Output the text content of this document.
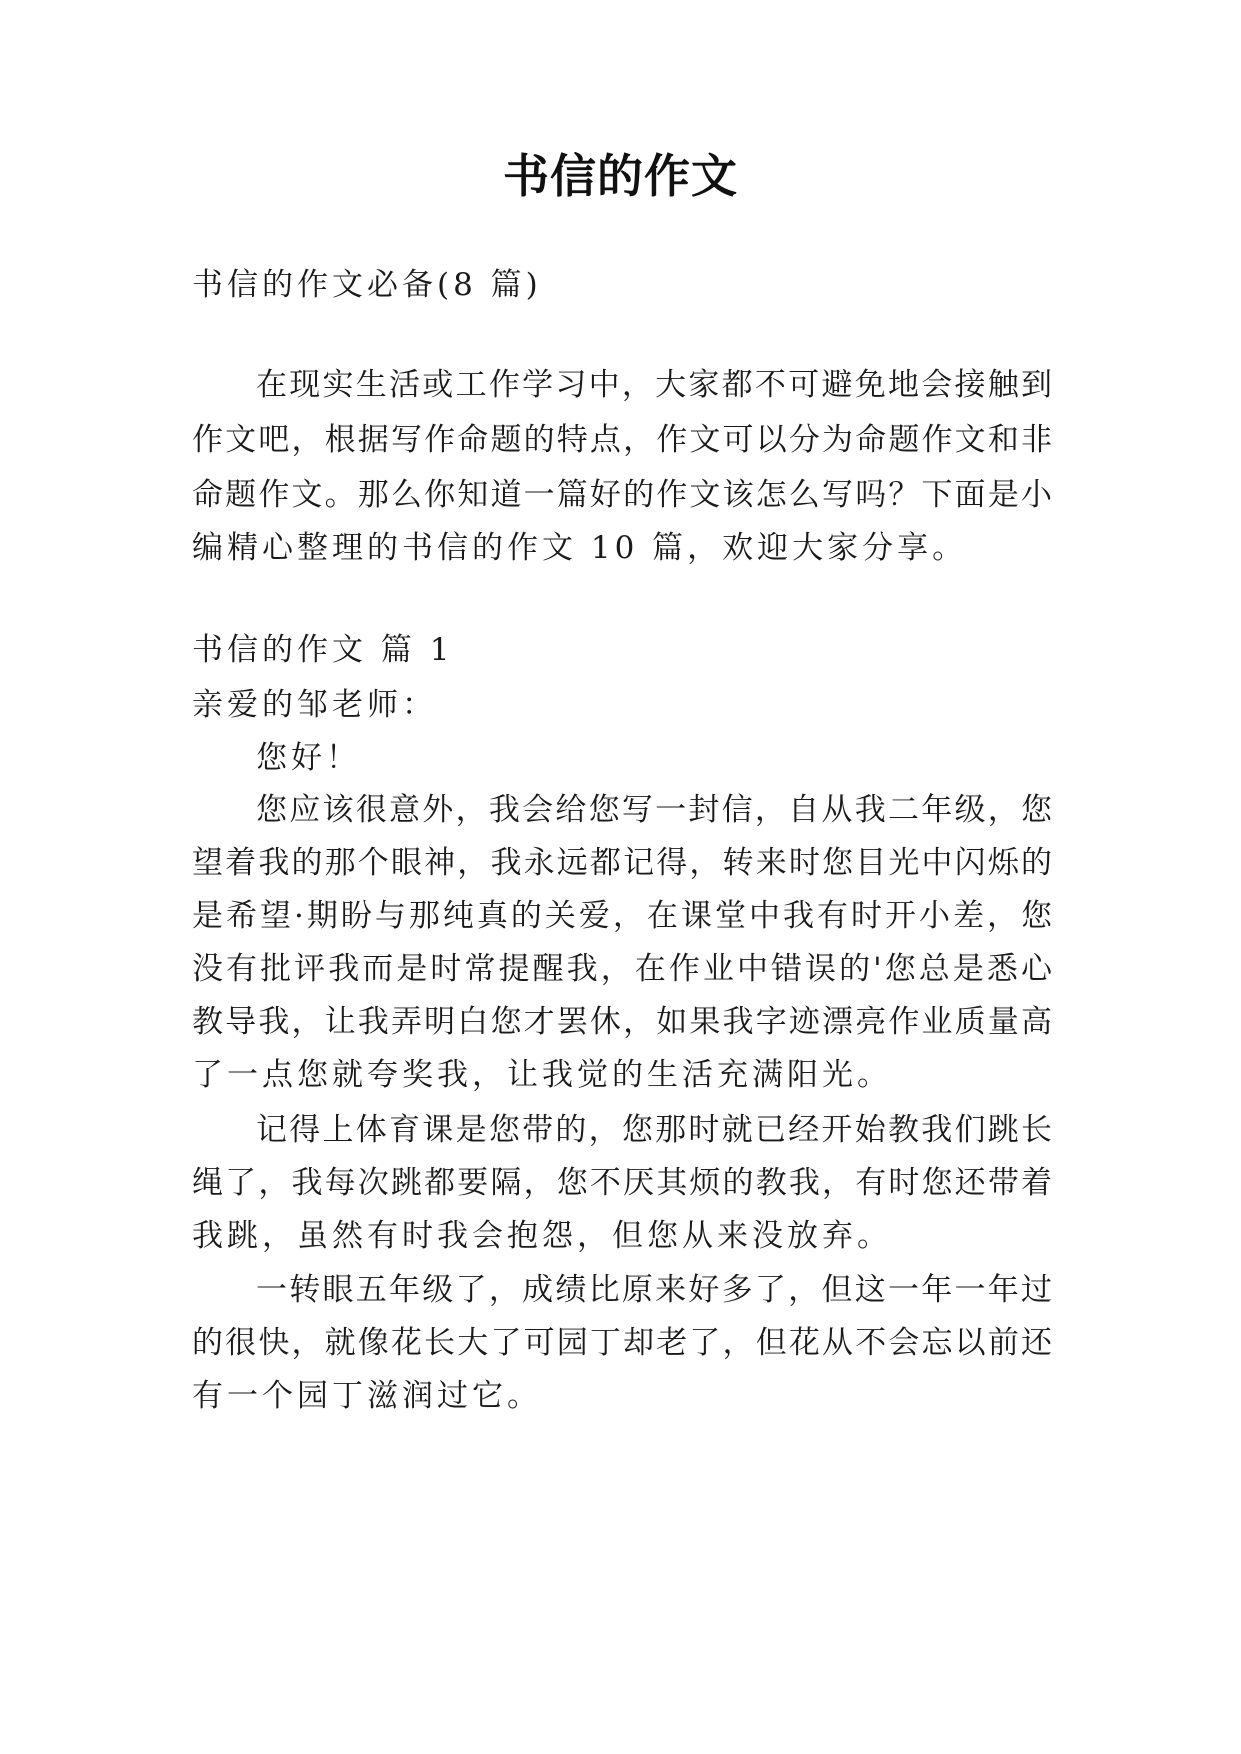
书信的作文
书信的作文必备(8 篇)
在现实生活或工作学习中，大家都不可避免地会接触到
作文吧，根据写作命题的特点，作文可以分为命题作文和非
命题作文。那么你知道一篇好的作文该怎么写吗？下面是小
编精心整理的书信的作文 10 篇，欢迎大家分享。
书信的作文 篇 1
亲爱的邹老师：
您好！
您应该很意外，我会给您写一封信，自从我二年级，您
望着我的那个眼神，我永远都记得，转来时您目光中闪烁的
是希望·期盼与那纯真的关爱，在课堂中我有时开小差，您
没有批评我而是时常提醒我，在作业中错误的'您总是悉心
教导我，让我弄明白您才罢休，如果我字迹漂亮作业质量高
了一点您就夸奖我，让我觉的生活充满阳光。
记得上体育课是您带的，您那时就已经开始教我们跳长
绳了，我每次跳都要隔，您不厌其烦的教我，有时您还带着
我跳，虽然有时我会抱怨，但您从来没放弃。
一转眼五年级了，成绩比原来好多了，但这一年一年过
的很快，就像花长大了可园丁却老了，但花从不会忘以前还
有一个园丁滋润过它。
